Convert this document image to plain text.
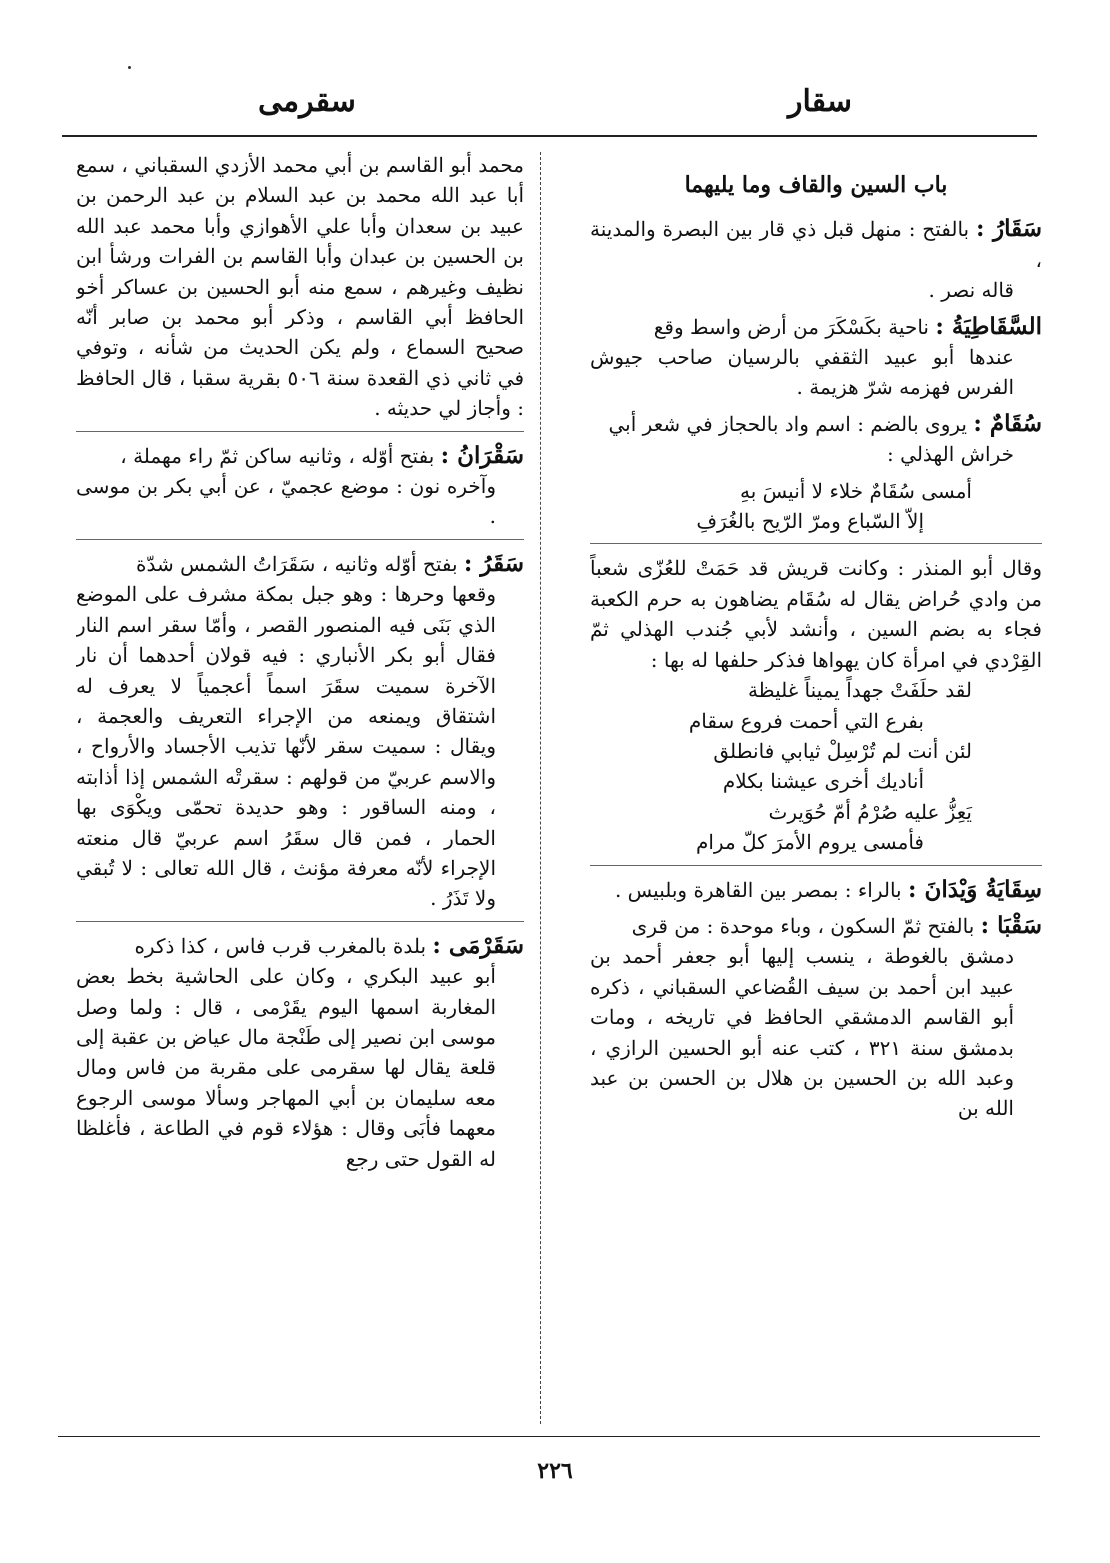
سقار
سقرمى
باب السين والقاف وما يليهما
سَقَارُ : بالفتح : منهل قبل ذي قار بين البصرة والمدينة ،
قاله نصر .
السَّقَاطِيَةُ : ناحية بكَسْكَرَ من أرض واسط وقع
عندها أبو عبيد الثقفي بالرسيان صاحب جيوش الفرس فهزمه شرّ هزيمة .
سُقَامٌ : يروى بالضم : اسم واد بالحجاز في شعر أبي
خراش الهذلي :
أمسى سُقَامٌ خلاء لا أنيسَ بهِ
إلاّ السّباع ومرّ الرّيح بالغُرَفِ
وقال أبو المنذر : وكانت قريش قد حَمَتْ للعُزّى شعباً من وادي حُراض يقال له سُقَام يضاهون به حرم الكعبة فجاء به بضم السين ، وأنشد لأبي جُندب الهذلي ثمّ القِرْدي في امرأة كان يهواها فذكر حلفها له بها :
لقد حلَفَتْ جهداً يميناً غليظة
بفرع التي أحمت فروع سقام
لئن أنت لم تُرْسِلْ ثيابي فانطلق
أناديك أخرى عيشنا بكلام
يَعِزُّ عليه صُرْمُ أمّ حُوَيرث
فأمسى يروم الأمرَ كلّ مرام
سِقَايَةُ وَيْدَانَ : بالراء : بمصر بين القاهرة وبلبيس .
سَقْبَا : بالفتح ثمّ السكون ، وباء موحدة : من قرى
دمشق بالغوطة ، ينسب إليها أبو جعفر أحمد بن عبيد ابن أحمد بن سيف القُضاعي السقباني ، ذكره أبو القاسم الدمشقي الحافظ في تاريخه ، ومات بدمشق سنة ٣٢١ ، كتب عنه أبو الحسين الرازي ، وعبد الله بن الحسين بن هلال بن الحسن بن عبد الله بن
محمد أبو القاسم بن أبي محمد الأزدي السقباني ، سمع أبا عبد الله محمد بن عبد السلام بن عبد الرحمن بن عبيد بن سعدان وأبا علي الأهوازي وأبا محمد عبد الله بن الحسين بن عبدان وأبا القاسم بن الفرات ورشأ ابن نظيف وغيرهم ، سمع منه أبو الحسين بن عساكر أخو الحافظ أبي القاسم ، وذكر أبو محمد بن صابر أنّه صحيح السماع ، ولم يكن الحديث من شأنه ، وتوفي في ثاني ذي القعدة سنة ٥٠٦ بقرية سقبا ، قال الحافظ : وأجاز لي حديثه .
سَقْرَانُ : بفتح أوّله ، وثانيه ساكن ثمّ راء مهملة ،
وآخره نون : موضع عجميّ ، عن أبي بكر بن موسى .
سَقَرُ : بفتح أوّله وثانيه ، سَقَرَاتُ الشمس شدّة
وقعها وحرها : وهو جبل بمكة مشرف على الموضع الذي بَنَى فيه المنصور القصر ، وأمّا سقر اسم النار فقال أبو بكر الأنباري : فيه قولان أحدهما أن نار الآخرة سميت سقَرَ اسماً أعجمياً لا يعرف له اشتقاق ويمنعه من الإجراء التعريف والعجمة ، ويقال : سميت سقر لأنّها تذيب الأجساد والأرواح ، والاسم عربيّ من قولهم : سقرتْه الشمس إذا أذابته ، ومنه الساقور : وهو حديدة تحمّى ويكْوَى بها الحمار ، فمن قال سقَرُ اسم عربيّ قال منعته الإجراء لأنّه معرفة مؤنث ، قال الله تعالى : لا تُبقي ولا تَذَرُ .
سَقَرْمَى : بلدة بالمغرب قرب فاس ، كذا ذكره
أبو عبيد البكري ، وكان على الحاشية بخط بعض المغاربة اسمها اليوم يقَرْمى ، قال : ولما وصل موسى ابن نصير إلى طَنْجة مال عياض بن عقبة إلى قلعة يقال لها سقرمى على مقربة من فاس ومال معه سليمان بن أبي المهاجر وسألا موسى الرجوع معهما فأبَى وقال : هؤلاء قوم في الطاعة ، فأغلظا له القول حتى رجع
٢٢٦
